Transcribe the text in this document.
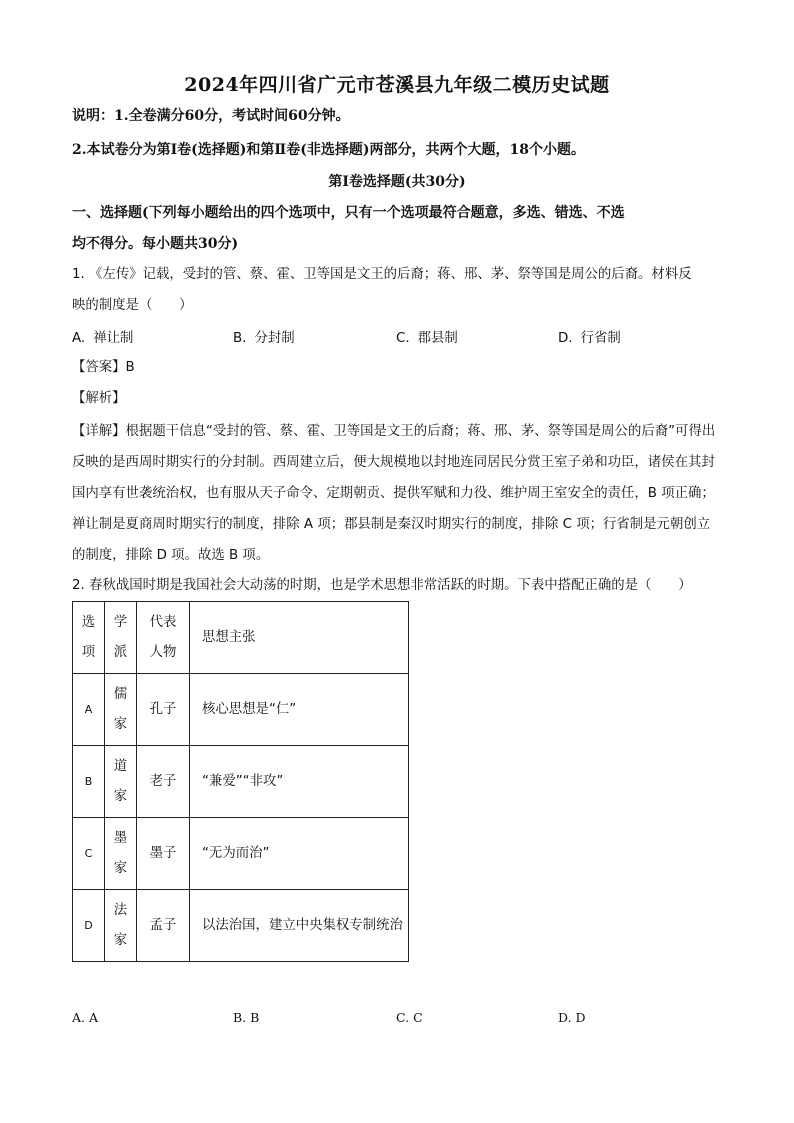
2024年四川省广元市苍溪县九年级二模历史试题
说明：1.全卷满分60分，考试时间60分钟。
2.本试卷分为第Ⅰ卷(选择题)和第Ⅱ卷(非选择题)两部分，共两个大题，18个小题。
第Ⅰ卷选择题(共30分)
一、选择题(下列每小题给出的四个选项中，只有一个选项最符合题意，多选、错选、不选
均不得分。每小题共30分)
1. 《左传》记载，受封的管、蔡、霍、卫等国是文王的后裔；蒋、邢、茅、祭等国是周公的后裔。材料反
映的制度是（　　）
A. 禅让制	B. 分封制	C. 郡县制	D. 行省制
【答案】B
【解析】
【详解】根据题干信息“受封的管、蔡、霍、卫等国是文王的后裔；蒋、邢、茅、祭等国是周公的后裔”可得出反映的是西周时期实行的分封制。西周建立后，便大规模地以封地连同居民分赏王室子弟和功臣，诸侯在其封国内享有世袭统治权，也有服从天子命令、定期朝贡、提供军赋和力役、维护周王室安全的责任，B 项正确；禅让制是夏商周时期实行的制度，排除 A 项；郡县制是秦汉时期实行的制度，排除 C 项；行省制是元朝创立的制度，排除 D 项。故选 B 项。
2. 春秋战国时期是我国社会大动荡的时期，也是学术思想非常活跃的时期。下表中搭配正确的是（　　）
选项	学派	代表人物	思想主张
A	儒家	孔子	核心思想是“仁”
B	道家	老子	“兼爱”“非攻”
C	墨家	墨子	“无为而治”
D	法家	孟子	以法治国，建立中央集权专制统治
A. A	B. B	C. C	D. D
